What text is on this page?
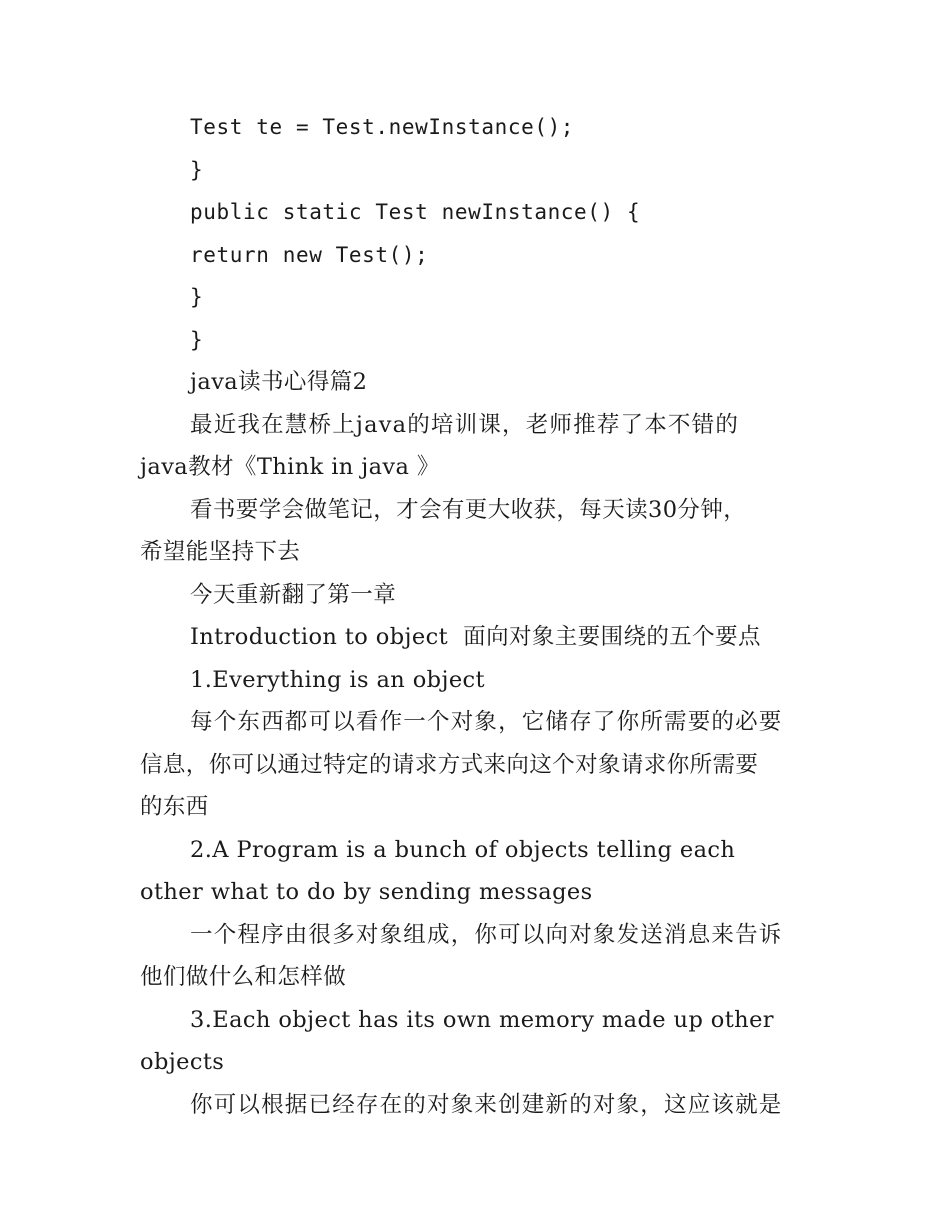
Test te = Test.newInstance();
}
public static Test newInstance() {
return new Test();
}
}
java读书心得篇2
最近我在慧桥上java的培训课，老师推荐了本不错的
java教材《Think in java 》
看书要学会做笔记，才会有更大收获，每天读30分钟，
希望能坚持下去
今天重新翻了第一章
Introduction to object  面向对象主要围绕的五个要点
1.Everything is an object
每个东西都可以看作一个对象，它储存了你所需要的必要
信息，你可以通过特定的请求方式来向这个对象请求你所需要
的东西
2.A Program is a bunch of objects telling each
other what to do by sending messages
一个程序由很多对象组成，你可以向对象发送消息来告诉
他们做什么和怎样做
3.Each object has its own memory made up other
objects
你可以根据已经存在的对象来创建新的对象，这应该就是
